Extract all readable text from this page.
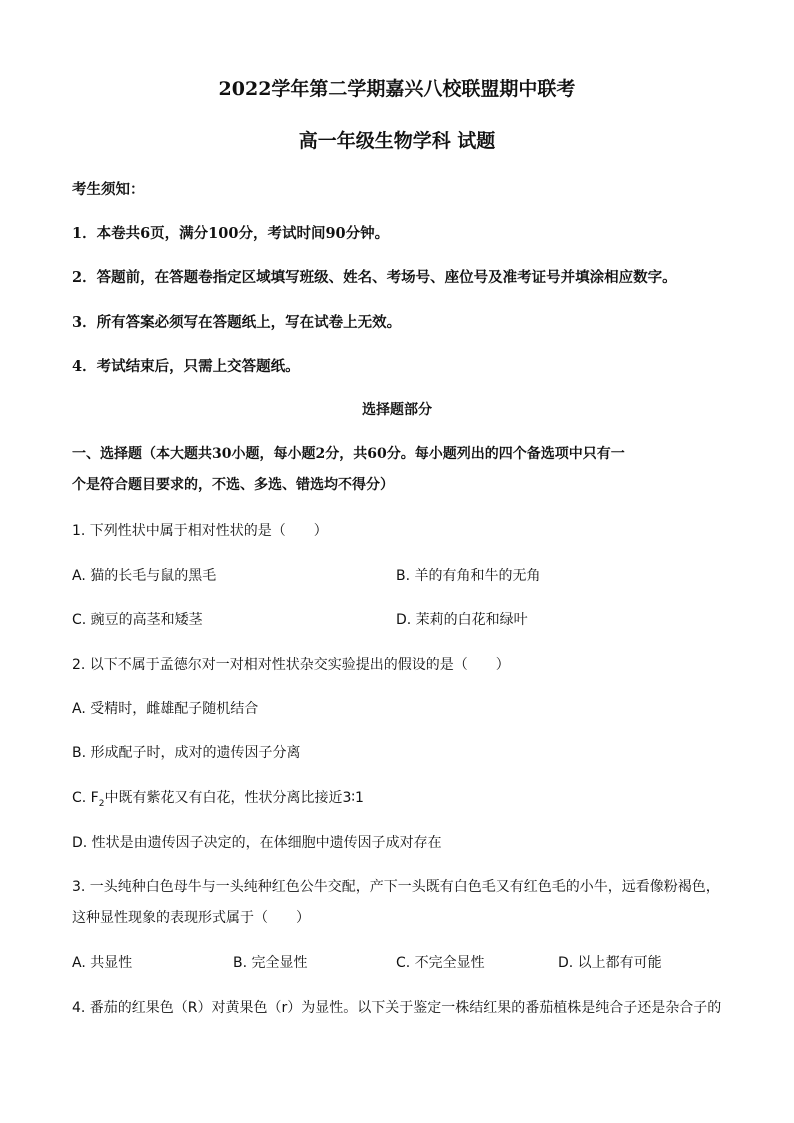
2022学年第二学期嘉兴八校联盟期中联考
高一年级生物学科 试题
考生须知：
1．本卷共6页，满分100分，考试时间90分钟。
2．答题前，在答题卷指定区域填写班级、姓名、考场号、座位号及准考证号并填涂相应数字。
3．所有答案必须写在答题纸上，写在试卷上无效。
4．考试结束后，只需上交答题纸。
选择题部分
一、选择题（本大题共30小题，每小题2分，共60分。每小题列出的四个备选项中只有一
个是符合题目要求的，不选、多选、错选均不得分）
1. 下列性状中属于相对性状的是（　　）
A. 猫的长毛与鼠的黑毛	B. 羊的有角和牛的无角
C. 豌豆的高茎和矮茎	D. 茉莉的白花和绿叶
2. 以下不属于孟德尔对一对相对性状杂交实验提出的假设的是（　　）
A. 受精时，雌雄配子随机结合
B. 形成配子时，成对的遗传因子分离
C. $F_2$中既有紫花又有白花，性状分离比接近3∶1
D. 性状是由遗传因子决定的，在体细胞中遗传因子成对存在
3. 一头纯种白色母牛与一头纯种红色公牛交配，产下一头既有白色毛又有红色毛的小牛，远看像粉褐色，
这种显性现象的表现形式属于（　　）
A. 共显性	B. 完全显性	C. 不完全显性	D. 以上都有可能
4. 番茄的红果色（R）对黄果色（r）为显性。以下关于鉴定一株结红果的番茄植株是纯合子还是杂合子的
